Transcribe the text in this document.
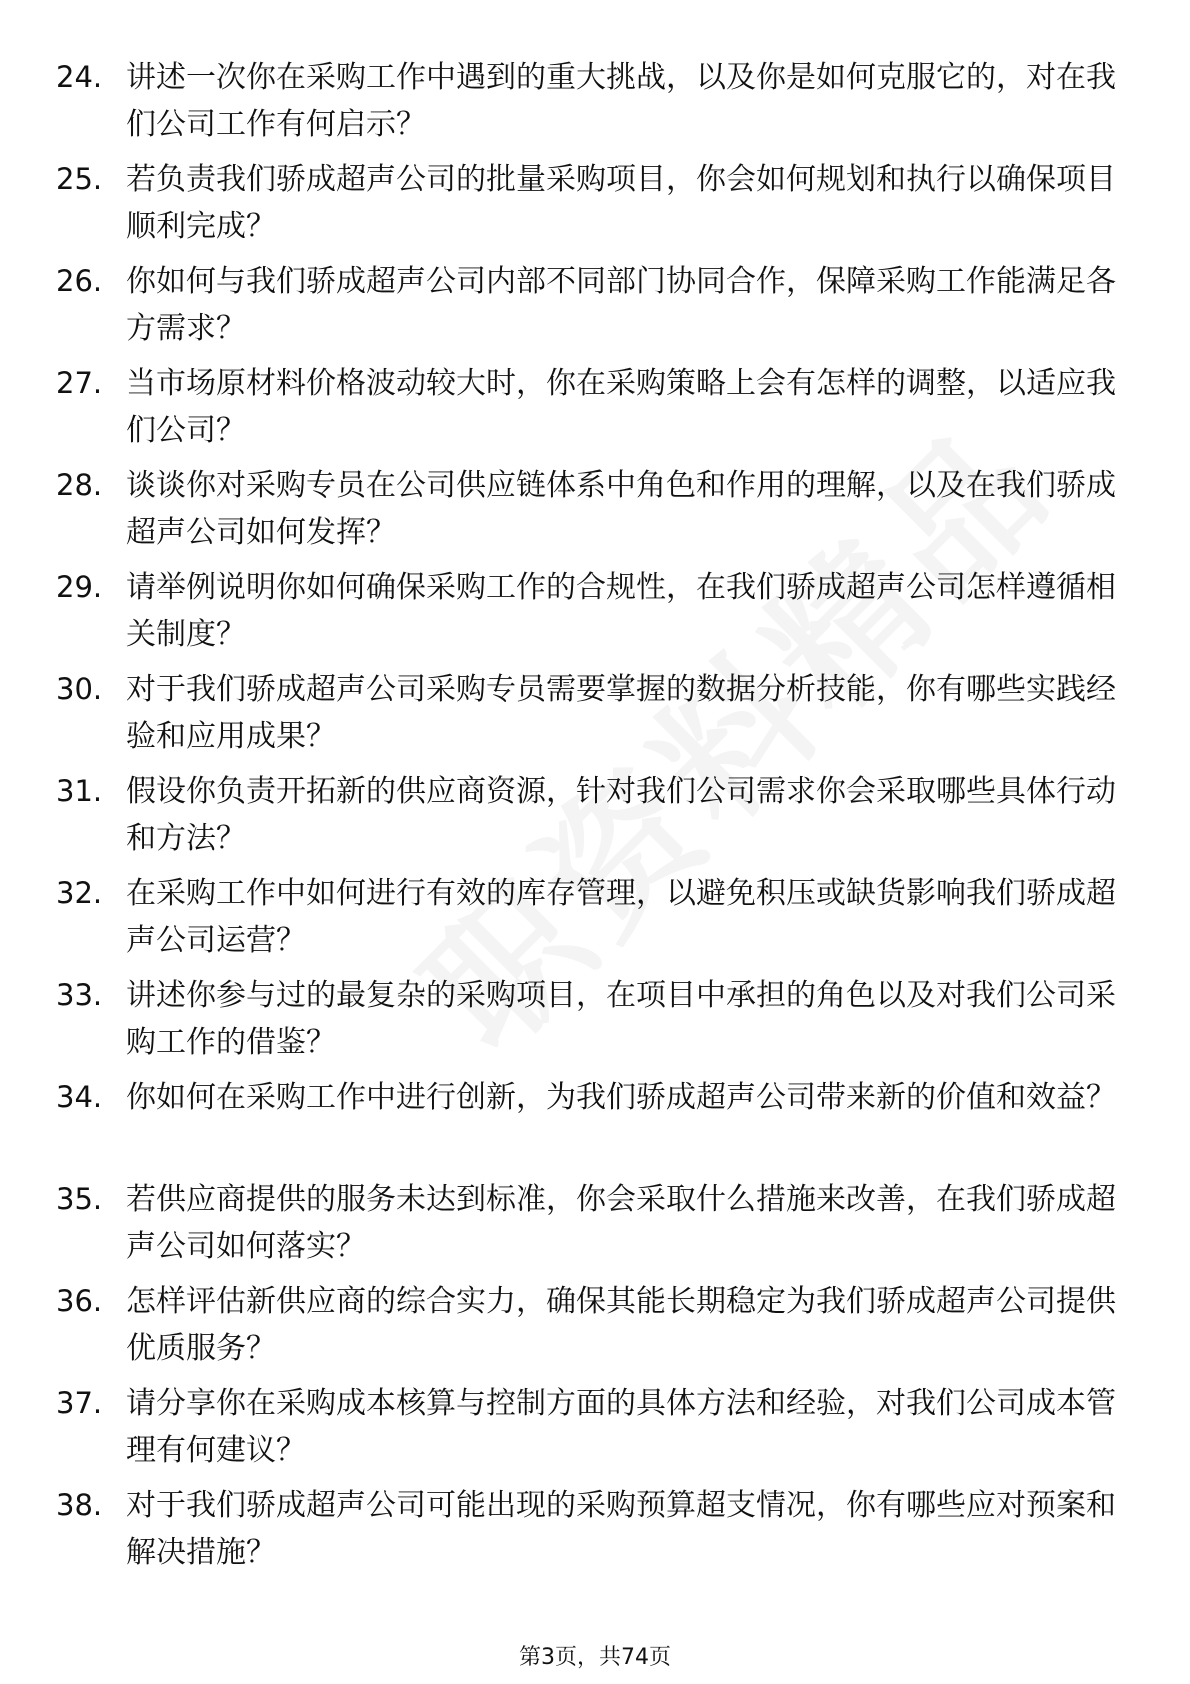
24. 讲述一次你在采购工作中遇到的重大挑战，以及你是如何克服它的，对在我们公司工作有何启示？
25. 若负责我们骄成超声公司的批量采购项目，你会如何规划和执行以确保项目顺利完成？
26. 你如何与我们骄成超声公司内部不同部门协同合作，保障采购工作能满足各方需求？
27. 当市场原材料价格波动较大时，你在采购策略上会有怎样的调整，以适应我们公司？
28. 谈谈你对采购专员在公司供应链体系中角色和作用的理解，以及在我们骄成超声公司如何发挥？
29. 请举例说明你如何确保采购工作的合规性，在我们骄成超声公司怎样遵循相关制度？
30. 对于我们骄成超声公司采购专员需要掌握的数据分析技能，你有哪些实践经验和应用成果？
31. 假设你负责开拓新的供应商资源，针对我们公司需求你会采取哪些具体行动和方法？
32. 在采购工作中如何进行有效的库存管理，以避免积压或缺货影响我们骄成超声公司运营？
33. 讲述你参与过的最复杂的采购项目，在项目中承担的角色以及对我们公司采购工作的借鉴？
34. 你如何在采购工作中进行创新，为我们骄成超声公司带来新的价值和效益？
35. 若供应商提供的服务未达到标准，你会采取什么措施来改善，在我们骄成超声公司如何落实？
36. 怎样评估新供应商的综合实力，确保其能长期稳定为我们骄成超声公司提供优质服务？
37. 请分享你在采购成本核算与控制方面的具体方法和经验，对我们公司成本管理有何建议？
38. 对于我们骄成超声公司可能出现的采购预算超支情况，你有哪些应对预案和解决措施？
第3页，共74页
